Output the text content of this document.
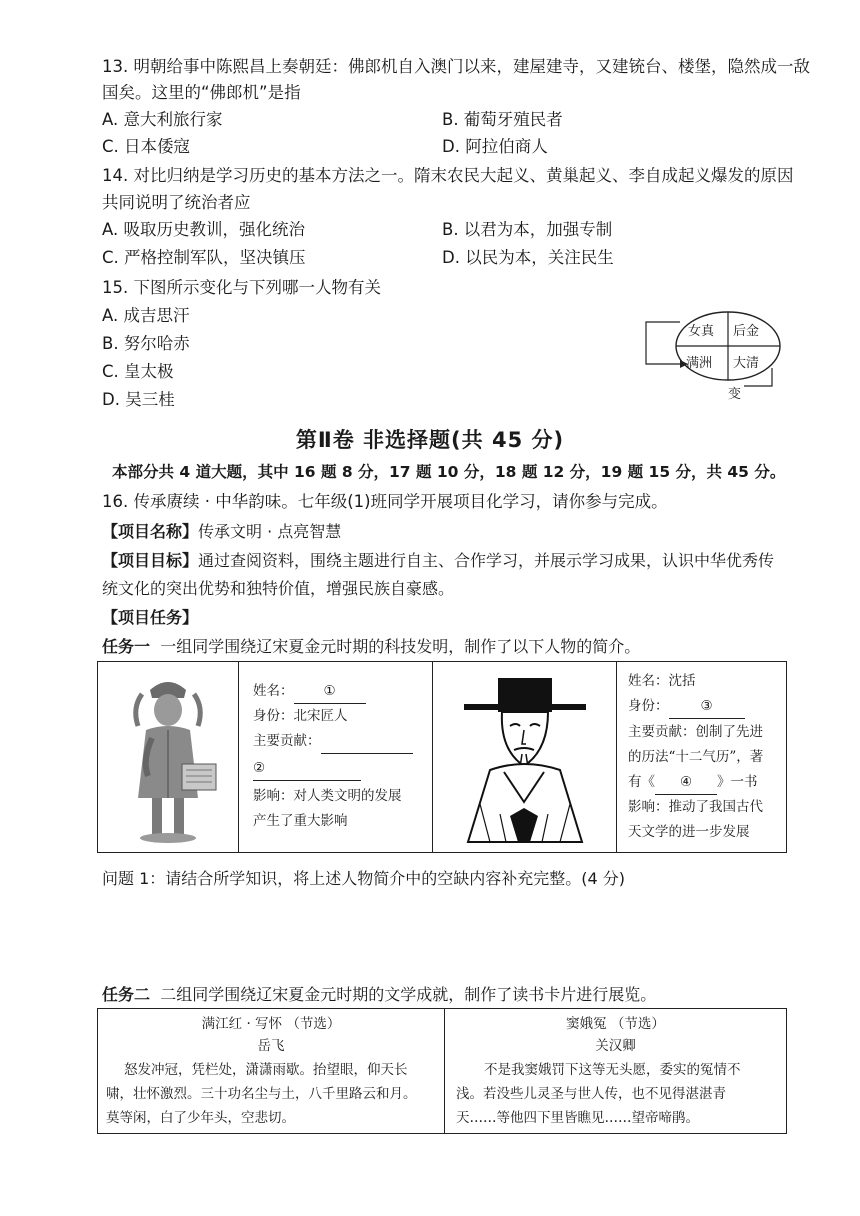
13. 明朝给事中陈熙昌上奏朝廷：佛郎机自入澳门以来，建屋建寺，又建铳台、楼堡，隐然成一敌
国矣。这里的“佛郎机”是指
A. 意大利旅行家	B. 葡萄牙殖民者
C. 日本倭寇	D. 阿拉伯商人
14. 对比归纳是学习历史的基本方法之一。隋末农民大起义、黄巢起义、李自成起义爆发的原因
共同说明了统治者应
A. 吸取历史教训，强化统治	B. 以君为本，加强专制
C. 严格控制军队，坚决镇压	D. 以民为本，关注民生
15. 下图所示变化与下列哪一人物有关
A. 成吉思汗
B. 努尔哈赤
C. 皇太极
D. 吴三桂
女真 后金
满洲 大清
变
第Ⅱ卷 非选择题(共 45 分)
本部分共 4 道大题，其中 16 题 8 分，17 题 10 分，18 题 12 分，19 题 15 分，共 45 分。
16. 传承赓续 · 中华韵味。七年级(1)班同学开展项目化学习，请你参与完成。
【项目名称】传承文明 · 点亮智慧
【项目目标】通过查阅资料，围绕主题进行自主、合作学习，并展示学习成果，认识中华优秀传
统文化的突出优势和独特价值，增强民族自豪感。
【项目任务】
任务一 一组同学围绕辽宋夏金元时期的科技发明，制作了以下人物的简介。
姓名： ①
身份：北宋匠人
主要贡献：
②
影响：对人类文明的发展
产生了重大影响
姓名：沈括
身份： ③
主要贡献：创制了先进
的历法“十二气历”，著
有《 ④ 》一书
影响：推动了我国古代
天文学的进一步发展
问题 1：请结合所学知识，将上述人物简介中的空缺内容补充完整。(4 分)
任务二 二组同学围绕辽宋夏金元时期的文学成就，制作了读书卡片进行展览。
满江红 · 写怀 （节选）
岳飞
怒发冲冠，凭栏处，潇潇雨歇。抬望眼，仰天长
啸，壮怀激烈。三十功名尘与土，八千里路云和月。
莫等闲，白了少年头，空悲切。
窦娥冤 （节选）
关汉卿
不是我窦娥罚下这等无头愿，委实的冤情不
浅。若没些儿灵圣与世人传，也不见得湛湛青
天……等他四下里皆瞧见……望帝啼鹃。
